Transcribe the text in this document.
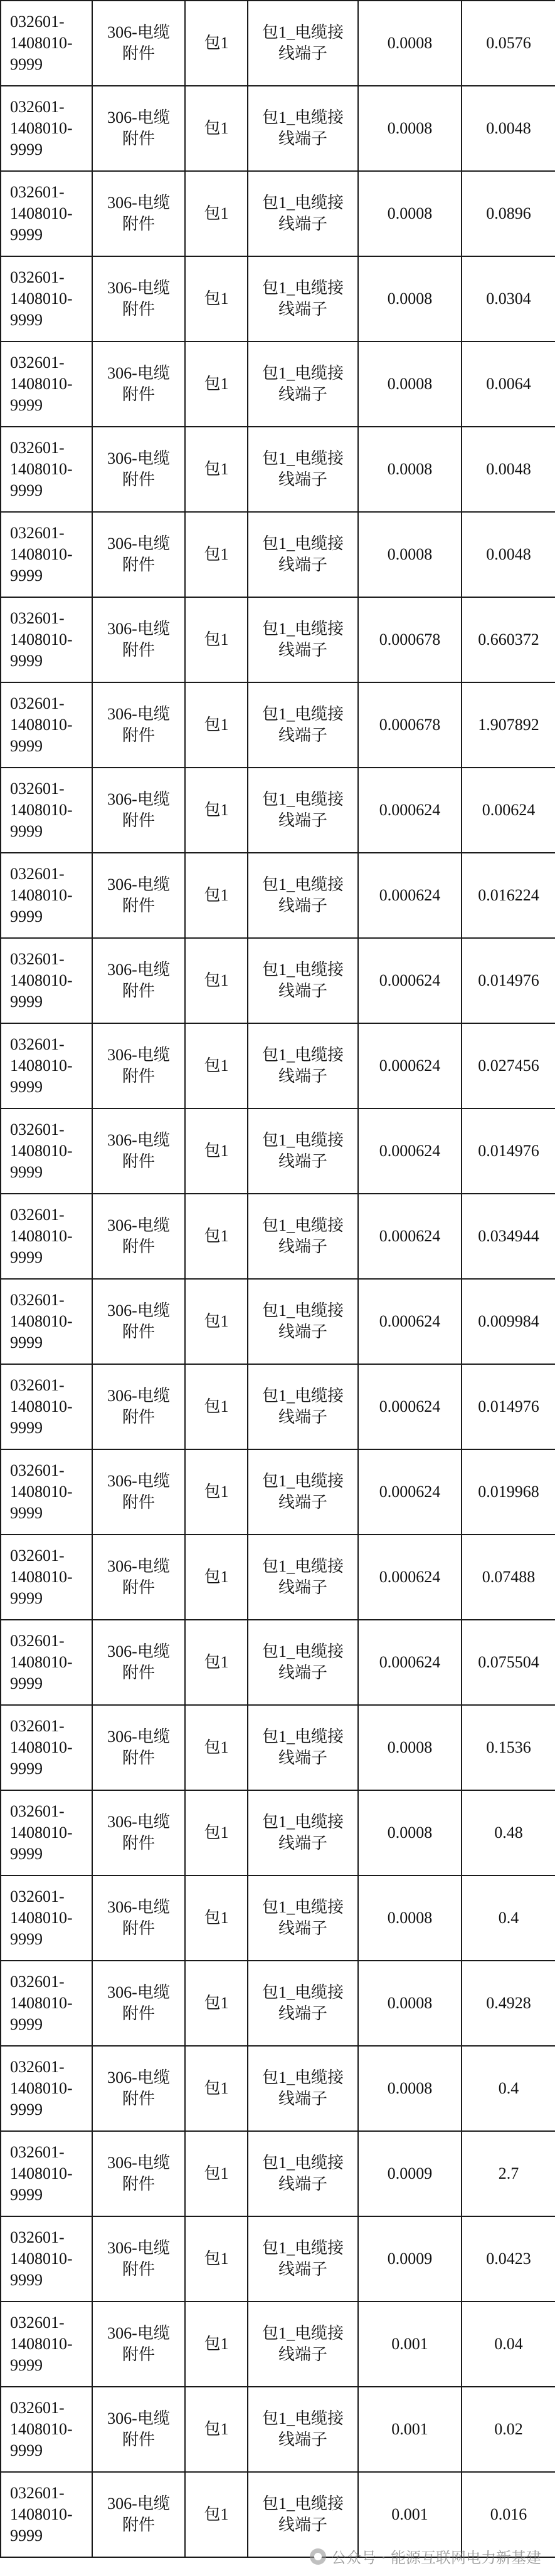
032601-
1408010-
9999	306-电缆
附件	包1	包1_电缆接
线端子	0.0008	0.0576
032601-
1408010-
9999	306-电缆
附件	包1	包1_电缆接
线端子	0.0008	0.0048
032601-
1408010-
9999	306-电缆
附件	包1	包1_电缆接
线端子	0.0008	0.0896
032601-
1408010-
9999	306-电缆
附件	包1	包1_电缆接
线端子	0.0008	0.0304
032601-
1408010-
9999	306-电缆
附件	包1	包1_电缆接
线端子	0.0008	0.0064
032601-
1408010-
9999	306-电缆
附件	包1	包1_电缆接
线端子	0.0008	0.0048
032601-
1408010-
9999	306-电缆
附件	包1	包1_电缆接
线端子	0.0008	0.0048
032601-
1408010-
9999	306-电缆
附件	包1	包1_电缆接
线端子	0.000678	0.660372
032601-
1408010-
9999	306-电缆
附件	包1	包1_电缆接
线端子	0.000678	1.907892
032601-
1408010-
9999	306-电缆
附件	包1	包1_电缆接
线端子	0.000624	0.00624
032601-
1408010-
9999	306-电缆
附件	包1	包1_电缆接
线端子	0.000624	0.016224
032601-
1408010-
9999	306-电缆
附件	包1	包1_电缆接
线端子	0.000624	0.014976
032601-
1408010-
9999	306-电缆
附件	包1	包1_电缆接
线端子	0.000624	0.027456
032601-
1408010-
9999	306-电缆
附件	包1	包1_电缆接
线端子	0.000624	0.014976
032601-
1408010-
9999	306-电缆
附件	包1	包1_电缆接
线端子	0.000624	0.034944
032601-
1408010-
9999	306-电缆
附件	包1	包1_电缆接
线端子	0.000624	0.009984
032601-
1408010-
9999	306-电缆
附件	包1	包1_电缆接
线端子	0.000624	0.014976
032601-
1408010-
9999	306-电缆
附件	包1	包1_电缆接
线端子	0.000624	0.019968
032601-
1408010-
9999	306-电缆
附件	包1	包1_电缆接
线端子	0.000624	0.07488
032601-
1408010-
9999	306-电缆
附件	包1	包1_电缆接
线端子	0.000624	0.075504
032601-
1408010-
9999	306-电缆
附件	包1	包1_电缆接
线端子	0.0008	0.1536
032601-
1408010-
9999	306-电缆
附件	包1	包1_电缆接
线端子	0.0008	0.48
032601-
1408010-
9999	306-电缆
附件	包1	包1_电缆接
线端子	0.0008	0.4
032601-
1408010-
9999	306-电缆
附件	包1	包1_电缆接
线端子	0.0008	0.4928
032601-
1408010-
9999	306-电缆
附件	包1	包1_电缆接
线端子	0.0008	0.4
032601-
1408010-
9999	306-电缆
附件	包1	包1_电缆接
线端子	0.0009	2.7
032601-
1408010-
9999	306-电缆
附件	包1	包1_电缆接
线端子	0.0009	0.0423
032601-
1408010-
9999	306-电缆
附件	包1	包1_电缆接
线端子	0.001	0.04
032601-
1408010-
9999	306-电缆
附件	包1	包1_电缆接
线端子	0.001	0.02
032601-
1408010-
9999	306-电缆
附件	包1	包1_电缆接
线端子	0.001	0.016
公众号 · 能源互联网电力新基建
